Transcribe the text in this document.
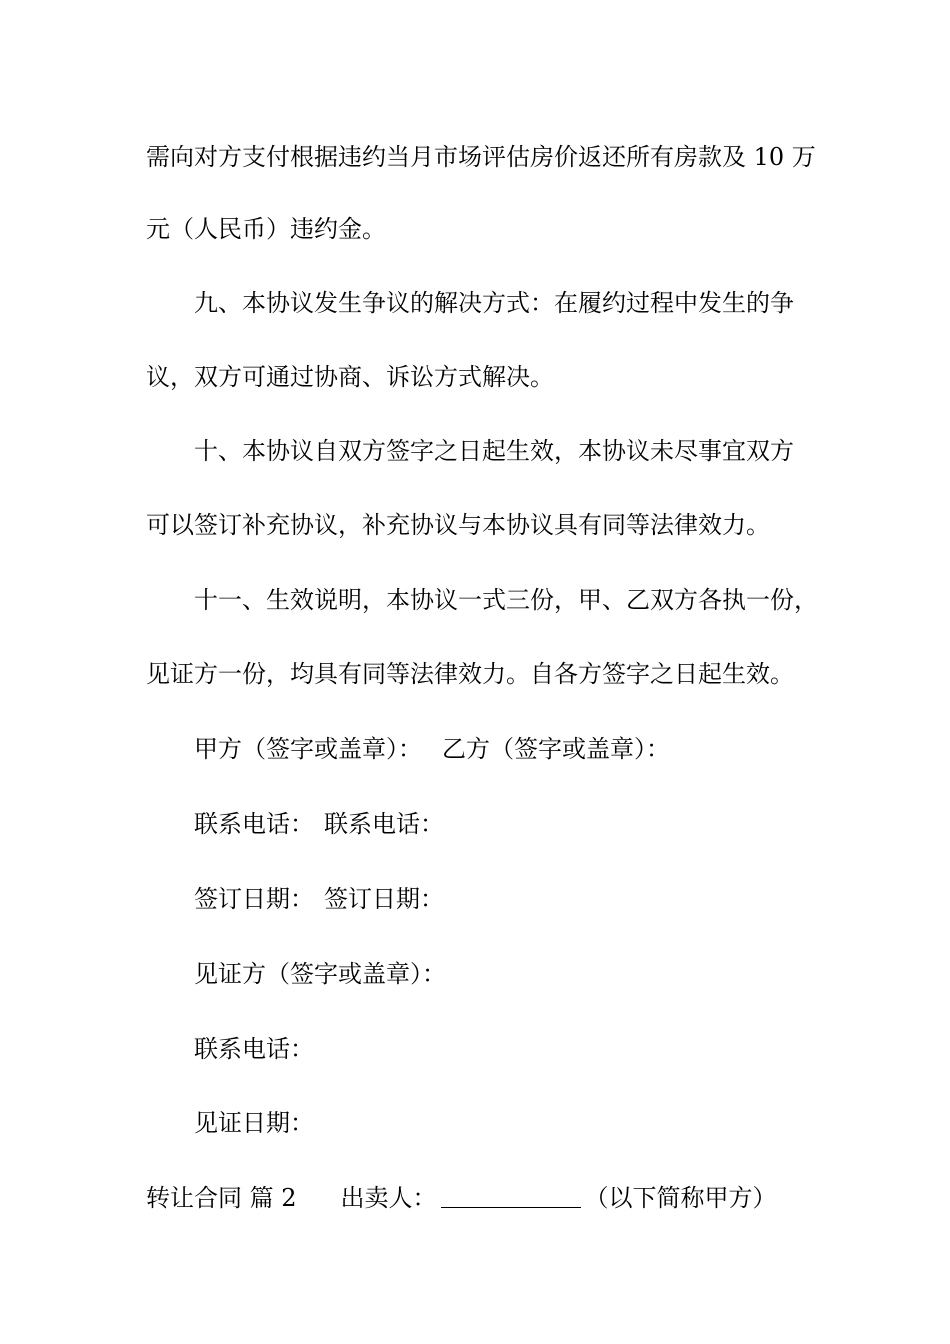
需向对方支付根据违约当月市场评估房价返还所有房款及 10 万
元（人民币）违约金。
九、本协议发生争议的解决方式：在履约过程中发生的争
议，双方可通过协商、诉讼方式解决。
十、本协议自双方签字之日起生效，本协议未尽事宜双方
可以签订补充协议，补充协议与本协议具有同等法律效力。
十一、生效说明，本协议一式三份，甲、乙双方各执一份，
见证方一份，均具有同等法律效力。自各方签字之日起生效。
甲方（签字或盖章）： 乙方（签字或盖章）：
联系电话： 联系电话：
签订日期： 签订日期：
见证方（签字或盖章）：
联系电话：
见证日期：
转让合同 篇 2 出卖人：	（以下简称甲方）
